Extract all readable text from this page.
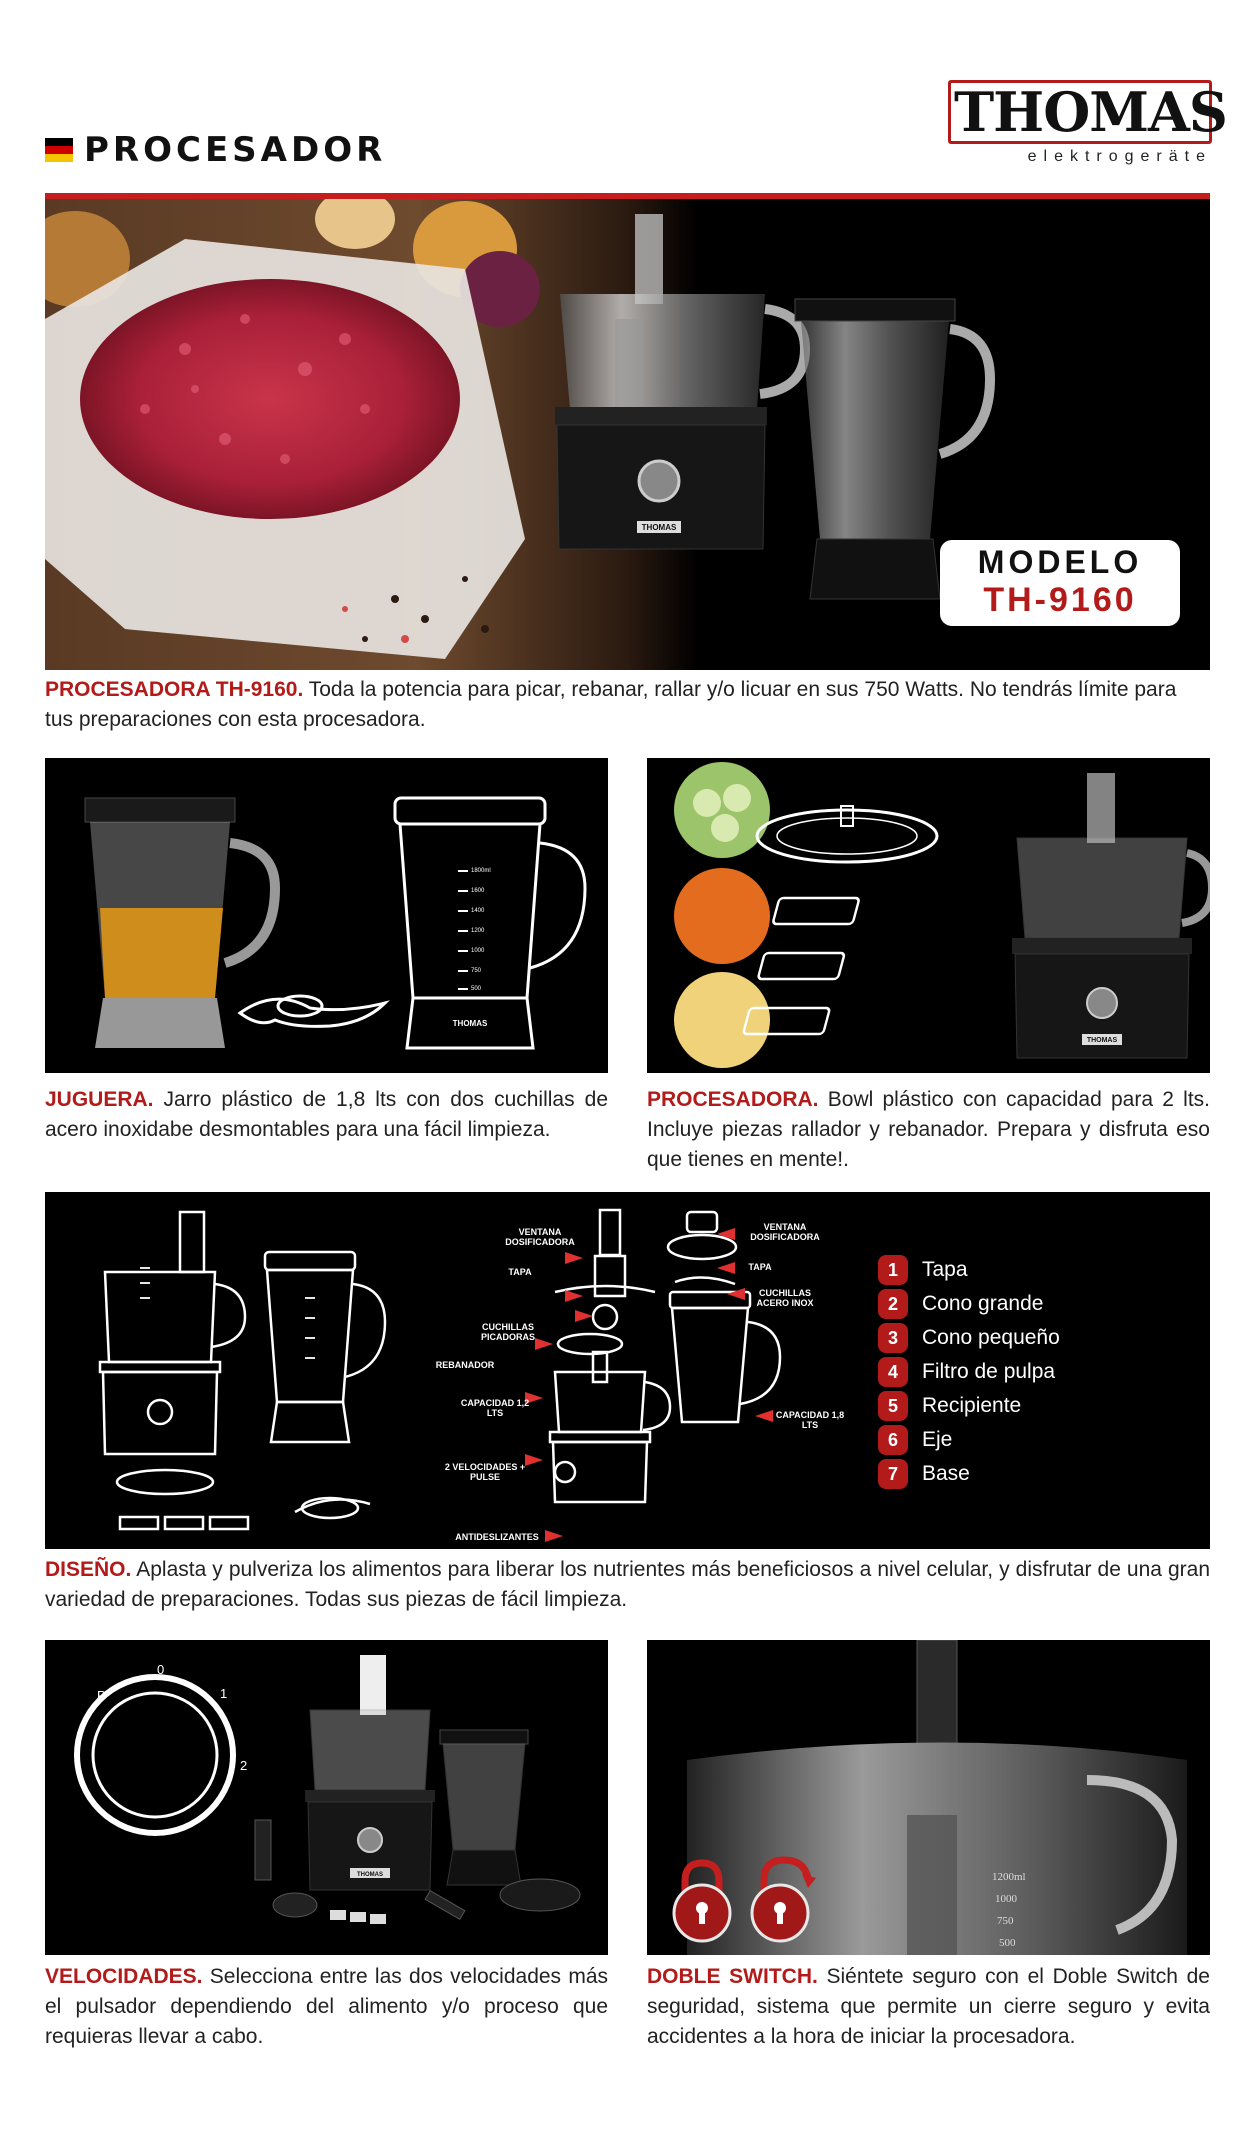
PROCESADOR
THOMAS
elektrogeräte
THOMAS
MODELO
TH-9160
PROCESADORA TH-9160. Toda la potencia para picar, rebanar, rallar y/o licuar en sus 750 Watts. No tendrás límite para tus preparaciones con esta procesadora.
1800ml
1600
1400
1200
1000
750
500
THOMAS
JUGUERA. Jarro plástico de 1,8 lts con dos cuchillas de acero inoxidabe desmontables para una fácil limpieza.
THOMAS
PROCESADORA. Bowl plástico con capacidad para 2 lts. Incluye piezas rallador y rebanador. Prepara y disfruta eso que tienes en mente!.
VENTANA DOSIFICADORA
TAPA
CUCHILLAS PICADORAS
REBANADOR
CAPACIDAD 1,2 LTS
2 VELOCIDADES + PULSE
ANTIDESLIZANTES
VENTANA DOSIFICADORA
TAPA
CUCHILLAS ACERO INOX
CAPACIDAD 1,8 LTS
1	Tapa
2	Cono grande
3	Cono pequeño
4	Filtro de pulpa
5	Recipiente
6	Eje
7	Base
DISEÑO. Aplasta y pulveriza los alimentos para liberar los nutrientes más beneficiosos a nivel celular, y disfrutar de una gran variedad de preparaciones. Todas sus piezas de fácil limpieza.
0
1
2
P
THOMAS
VELOCIDADES. Selecciona entre las dos velocidades más el pulsador dependiendo del alimento y/o proceso que requieras llevar a cabo.
1200ml
1000
750
500
DOBLE SWITCH. Siéntete seguro con el Doble Switch de seguridad, sistema que permite un cierre seguro y evita accidentes a la hora de iniciar la procesadora.
